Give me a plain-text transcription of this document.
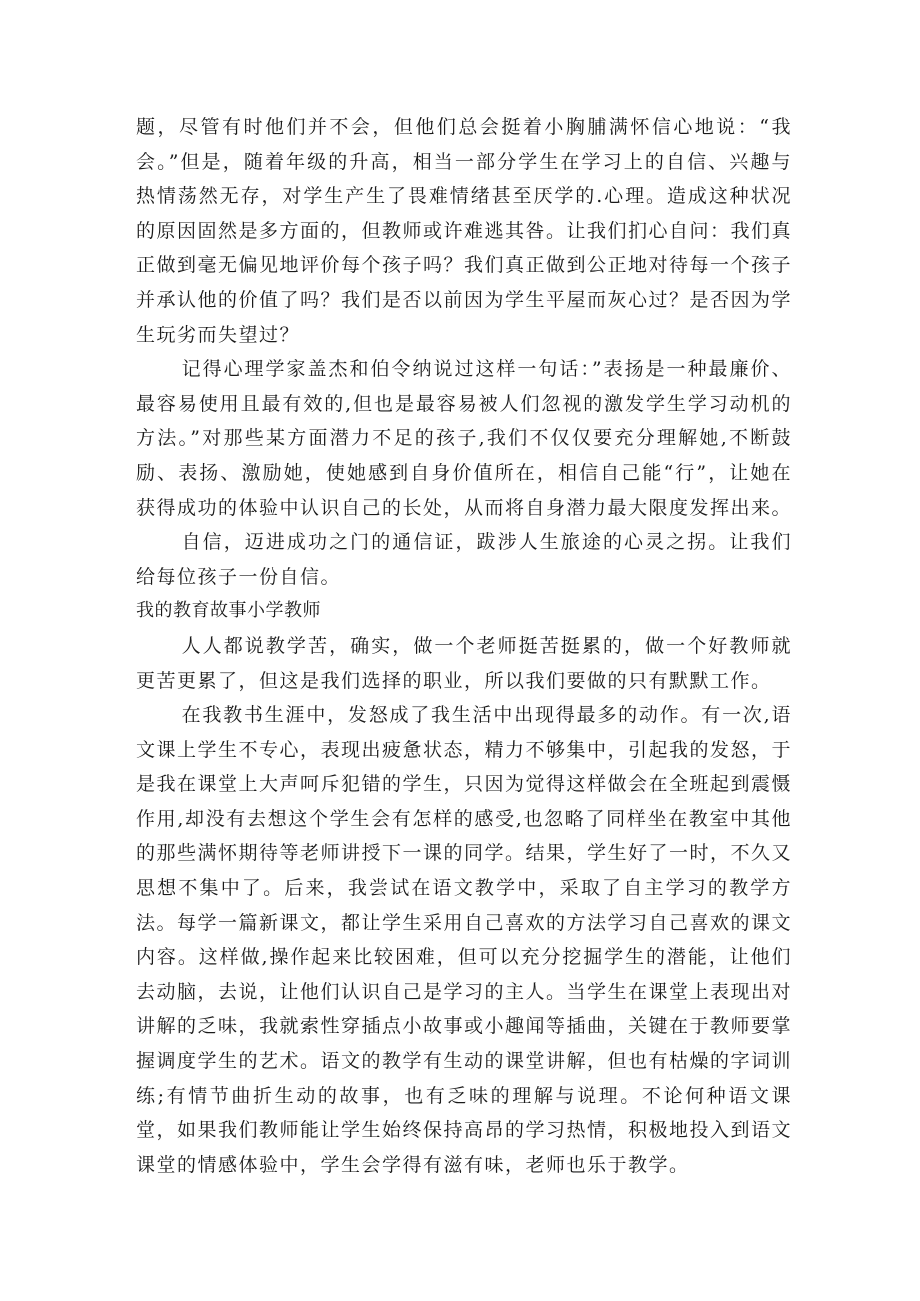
题，尽管有时他们并不会，但他们总会挺着小胸脯满怀信心地说：“我会。”但是，随着年级的升高，相当一部分学生在学习上的自信、兴趣与热情荡然无存，对学生产生了畏难情绪甚至厌学的.心理。造成这种状况的原因固然是多方面的，但教师或许难逃其咎。让我们扪心自问：我们真正做到毫无偏见地评价每个孩子吗？我们真正做到公正地对待每一个孩子并承认他的价值了吗？我们是否以前因为学生平屋而灰心过？是否因为学生玩劣而失望过？

记得心理学家盖杰和伯令纳说过这样一句话：”表扬是一种最廉价、最容易使用且最有效的,但也是最容易被人们忽视的激发学生学习动机的方法。”对那些某方面潜力不足的孩子,我们不仅仅要充分理解她,不断鼓励、表扬、激励她，使她感到自身价值所在，相信自己能“行”，让她在获得成功的体验中认识自己的长处，从而将自身潜力最大限度发挥出来。

自信，迈进成功之门的通信证，跋涉人生旅途的心灵之拐。让我们给每位孩子一份自信。

我的教育故事小学教师

人人都说教学苦，确实，做一个老师挺苦挺累的，做一个好教师就更苦更累了，但这是我们选择的职业，所以我们要做的只有默默工作。

在我教书生涯中，发怒成了我生活中出现得最多的动作。有一次,语文课上学生不专心，表现出疲惫状态，精力不够集中，引起我的发怒，于是我在课堂上大声呵斥犯错的学生，只因为觉得这样做会在全班起到震慑作用,却没有去想这个学生会有怎样的感受,也忽略了同样坐在教室中其他的那些满怀期待等老师讲授下一课的同学。结果，学生好了一时，不久又思想不集中了。后来，我尝试在语文教学中，采取了自主学习的教学方法。每学一篇新课文，都让学生采用自己喜欢的方法学习自己喜欢的课文内容。这样做,操作起来比较困难，但可以充分挖掘学生的潜能，让他们去动脑，去说，让他们认识自己是学习的主人。当学生在课堂上表现出对讲解的乏味，我就索性穿插点小故事或小趣闻等插曲，关键在于教师要掌握调度学生的艺术。语文的教学有生动的课堂讲解，但也有枯燥的字词训练;有情节曲折生动的故事，也有乏味的理解与说理。不论何种语文课堂，如果我们教师能让学生始终保持高昂的学习热情，积极地投入到语文课堂的情感体验中，学生会学得有滋有味，老师也乐于教学。
